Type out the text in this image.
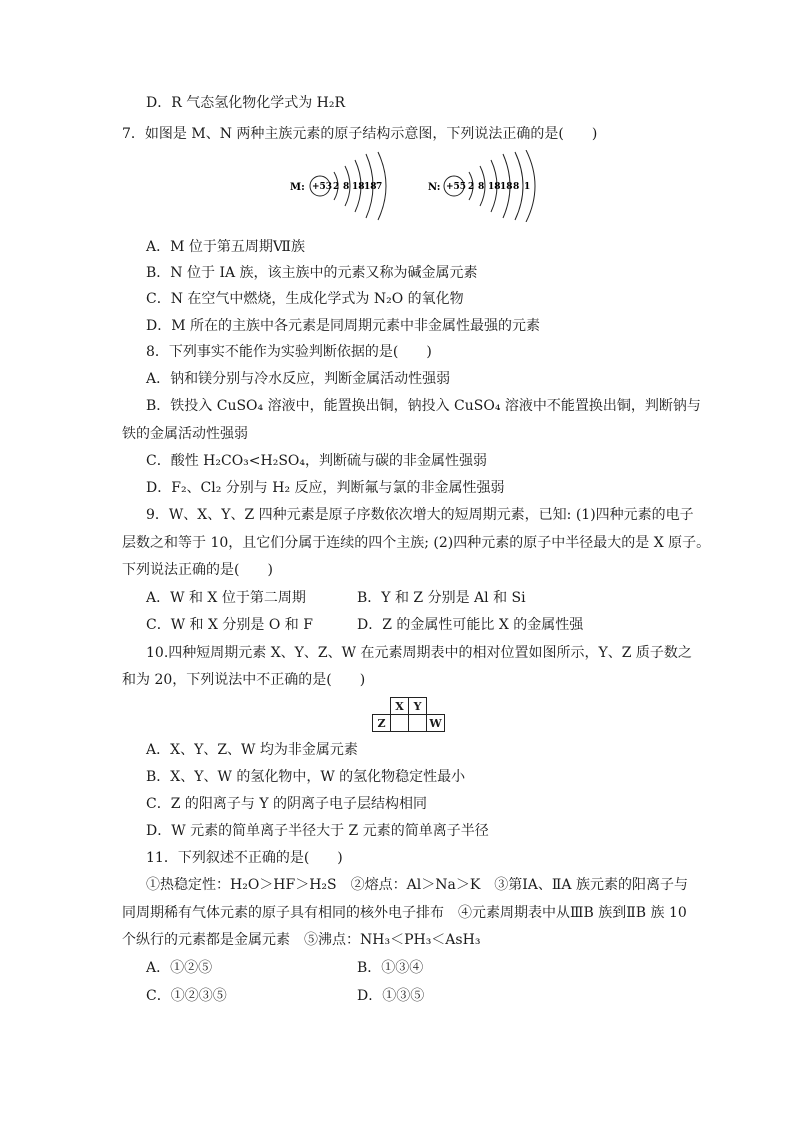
7．如图是 M、N 两种主族元素的原子结构示意图，下列说法正确的是(　　)
M: +53 2 8 18 18 7	N: +55 2 8 18 18 8 1
D．R 气态氢化物化学式为 H₂R
A．M 位于第五周期Ⅶ族
B．N 位于 IA 族，该主族中的元素又称为碱金属元素
C．N 在空气中燃烧，生成化学式为 N₂O 的氧化物
D．M 所在的主族中各元素是同周期元素中非金属性最强的元素
8．下列事实不能作为实验判断依据的是(　　)
A．钠和镁分别与冷水反应，判断金属活动性强弱
B．铁投入 CuSO₄ 溶液中，能置换出铜，钠投入 CuSO₄ 溶液中不能置换出铜，判断钠与
铁的金属活动性强弱
C．酸性 H₂CO₃<H₂SO₄，判断硫与碳的非金属性强弱
D．F₂、Cl₂ 分别与 H₂ 反应，判断氟与氯的非金属性强弱
9．W、X、Y、Z 四种元素是原子序数依次增大的短周期元素，已知: (1)四种元素的电子
层数之和等于 10，且它们分属于连续的四个主族; (2)四种元素的原子中半径最大的是 X 原子。
下列说法正确的是(　　)
A．W 和 X 位于第二周期	B．Y 和 Z 分别是 Al 和 Si
C．W 和 X 分别是 O 和 F	D．Z 的金属性可能比 X 的金属性强
10.四种短周期元素 X、Y、Z、W 在元素周期表中的相对位置如图所示，Y、Z 质子数之
和为 20，下列说法中不正确的是(　　)
	X	Y	
Z			W
A．X、Y、Z、W 均为非金属元素
B．X、Y、W 的氢化物中，W 的氢化物稳定性最小
C．Z 的阳离子与 Y 的阴离子电子层结构相同
D．W 元素的简单离子半径大于 Z 元素的简单离子半径
11．下列叙述不正确的是(　　)
①热稳定性：H₂O＞HF＞H₂S　②熔点：Al＞Na＞K　③第ⅠA、ⅡA 族元素的阳离子与
同周期稀有气体元素的原子具有相同的核外电子排布　④元素周期表中从ⅢB 族到ⅡB 族 10
个纵行的元素都是金属元素　⑤沸点：NH₃＜PH₃＜AsH₃
A．①②⑤	B．①③④
C．①②③⑤	D．①③⑤
